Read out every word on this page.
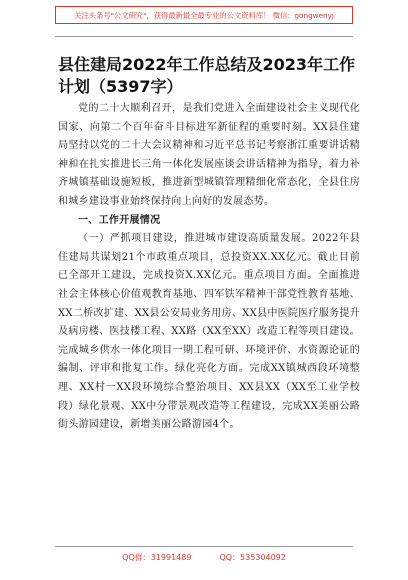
关注头条号"公文研究"，获得最新最全最专业的公文资料库！ 微信：gongwenyj
县住建局2022年工作总结及2023年工作计划（5397字）

党的二十大顺利召开，是我们党进入全面建设社会主义现代化国家、向第二个百年奋斗目标进军新征程的重要时刻。XX县住建局坚持以党的二十大会议精神和习近平总书记考察浙江重要讲话精神和在扎实推进长三角一体化发展座谈会讲话精神为指导，着力补齐城镇基础设施短板，推进新型城镇管理精细化常态化，全县住房和城乡建设事业始终保持向上向好的发展态势。

一、工作开展情况

（一）严抓项目建设，推进城市建设高质量发展。2022年县住建局共谋划21个市政重点项目，总投资XX.XX亿元。截止目前已全部开工建设，完成投资X.XX亿元。重点项目方面。全面推进社会主体核心价值观教育基地、四军铁军精神干部党性教育基地、XX二桥改扩建、XX县公安局业务用房、XX县中医院医疗服务提升及病房楼、医技楼工程、XX路（XX至XX）改造工程等项目建设。完成城乡供水一体化项目一期工程可研、环境评价、水资源论证的编制、评审和批复工作。绿化亮化方面。完成XX镇城西段环境整理、XX村一XX段环境综合整治项目、XX县XX（XX至工业学校段）绿化景观、XX中分带景观改造等工程建设，完成XX美丽公路街头游园建设，新增美丽公路游园4个。

QQ群：31991489	QQ：535304092
